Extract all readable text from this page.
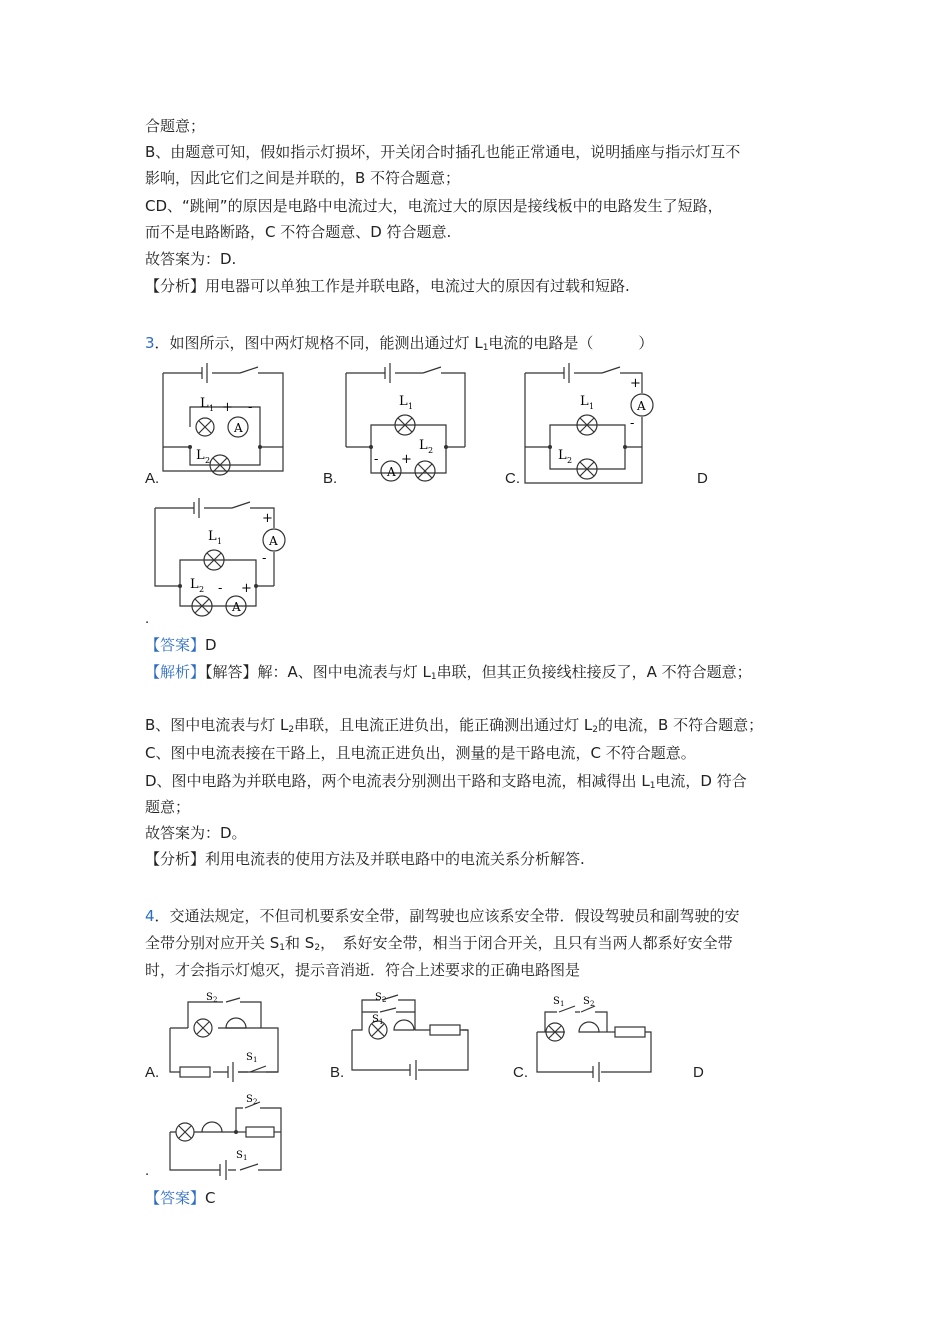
合题意；
B、由题意可知，假如指示灯损坏，开关闭合时插孔也能正常通电，说明插座与指示灯互不
影响，因此它们之间是并联的，B 不符合题意；
CD、“跳闸”的原因是电路中电流过大，电流过大的原因是接线板中的电路发生了短路，
而不是电路断路，C 不符合题意、D 符合题意.
故答案为：D.
【分析】用电器可以单独工作是并联电路，电流过大的原因有过载和短路.
3．如图所示，图中两灯规格不同，能测出通过灯 $L_1$电流的电路是（　　　）
A
L 1 + -
L 2
A.	A
L 1
L 2
- +
B.
A
+
-
L 1
L 2
C.	D
A
+
-
L 1
L 2 - +
A
.
【答案】D
【解析】【解答】解：A、图中电流表与灯 $L_1$串联，但其正负接线柱接反了，A 不符合题意；
B、图中电流表与灯 $L_2$串联，且电流正进负出，能正确测出通过灯 $L_2$的电流，B 不符合题意；
C、图中电流表接在干路上，且电流正进负出，测量的是干路电流，C 不符合题意。
D、图中电路为并联电路，两个电流表分别测出干路和支路电流，相减得出 $L_1$电流，D 符合
题意；
故答案为：D。
【分析】利用电流表的使用方法及并联电路中的电流关系分析解答.
4．交通法规定，不但司机要系安全带，副驾驶也应该系安全带．假设驾驶员和副驾驶的安
全带分别对应开关 $S_1$和 $S_2$，　系好安全带，相当于闭合开关，且只有当两人都系好安全带
时，才会指示灯熄灭，提示音消逝．符合上述要求的正确电路图是
S 2
S 1
A.
S 2
S 1
B.
S 1 S 2
C.	D
S 2
S 1
.
【答案】C
